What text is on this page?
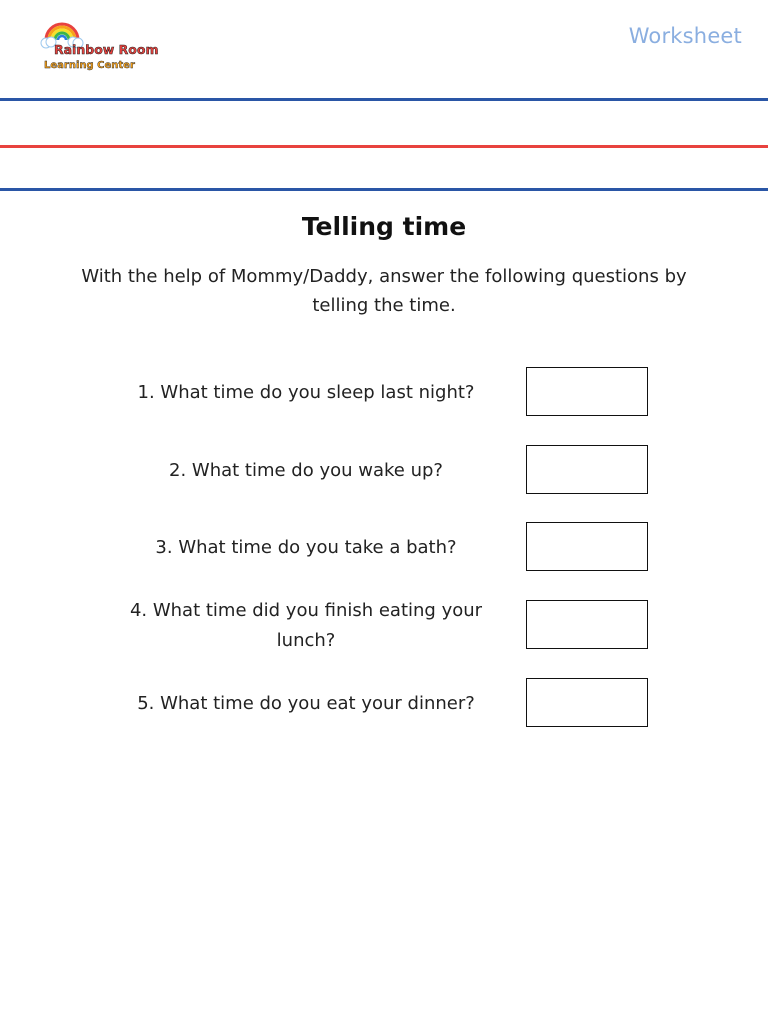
Rainbow Room
Learning Center
Worksheet
Telling time
With the help of Mommy/Daddy, answer the following questions by telling the time.
1. What time do you sleep last night?
2. What time do you wake up?
3. What time do you take a bath?
4. What time did you finish eating your lunch?
5. What time do you eat your dinner?
